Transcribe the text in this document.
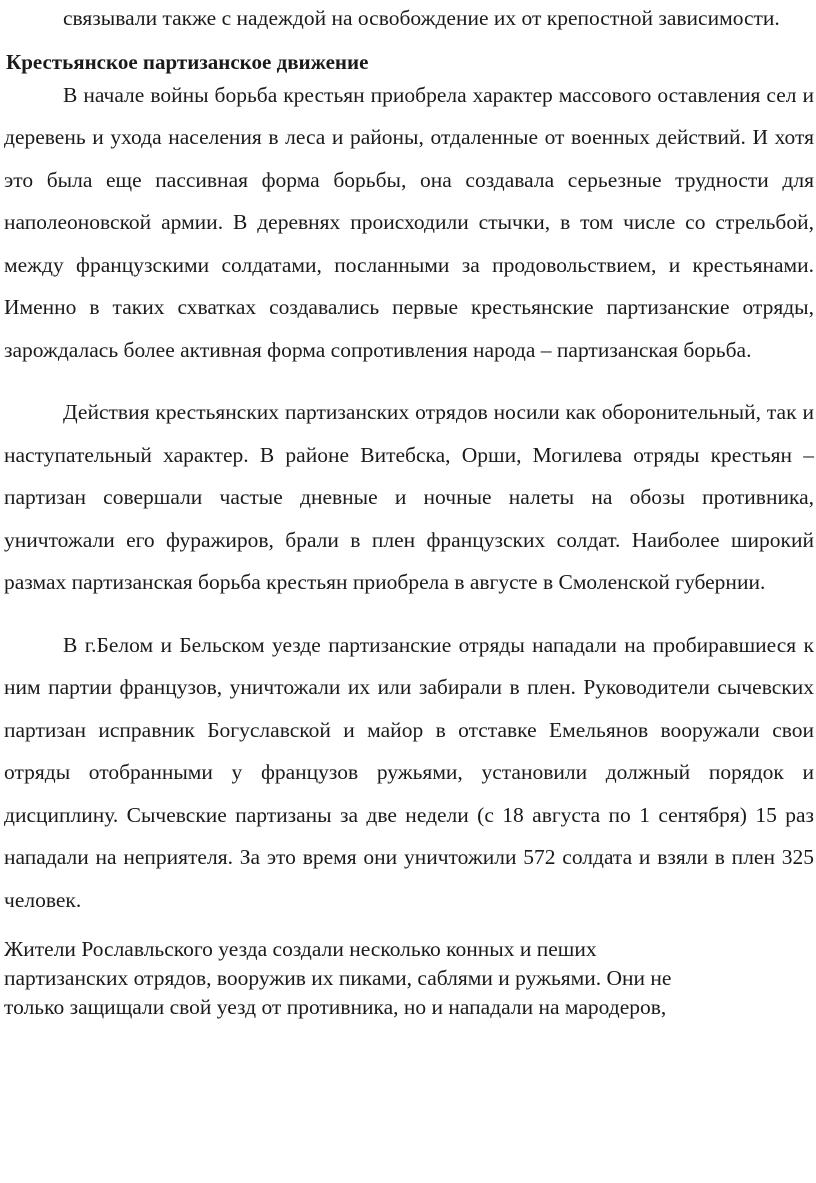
связывали также с надеждой на освобождение их от крепостной зависимости.

Крестьянское партизанское движение

В начале войны борьба крестьян приобрела характер массового оставления сел и деревень и ухода населения в леса и районы, отдаленные от военных действий. И хотя это была еще пассивная форма борьбы, она создавала серьезные трудности для наполеоновской армии. В деревнях происходили стычки, в том числе со стрельбой, между французскими солдатами, посланными за продовольствием, и крестьянами. Именно в таких схватках создавались первые крестьянские партизанские отряды, зарождалась более активная форма сопротивления народа – партизанская борьба.

Действия крестьянских партизанских отрядов носили как оборонительный, так и наступательный характер. В районе Витебска, Орши, Могилева отряды крестьян – партизан совершали частые дневные и ночные налеты на обозы противника, уничтожали его фуражиров, брали в плен французских солдат. Наиболее широкий размах партизанская борьба крестьян приобрела в августе в Смоленской губернии.

В г.Белом и Бельском уезде партизанские отряды нападали на пробиравшиеся к ним партии французов, уничтожали их или забирали в плен. Руководители сычевских партизан исправник Богуславской и майор в отставке Емельянов вооружали свои отряды отобранными у французов ружьями, установили должный порядок и дисциплину. Сычевские партизаны за две недели (с 18 августа по 1 сентября) 15 раз нападали на неприятеля. За это время они уничтожили 572 солдата и взяли в плен 325 человек.

Жители Рославльского уезда создали несколько конных и пеших
партизанских отрядов, вооружив их пиками, саблями и ружьями. Они не
только защищали свой уезд от противника, но и нападали на мародеров,
